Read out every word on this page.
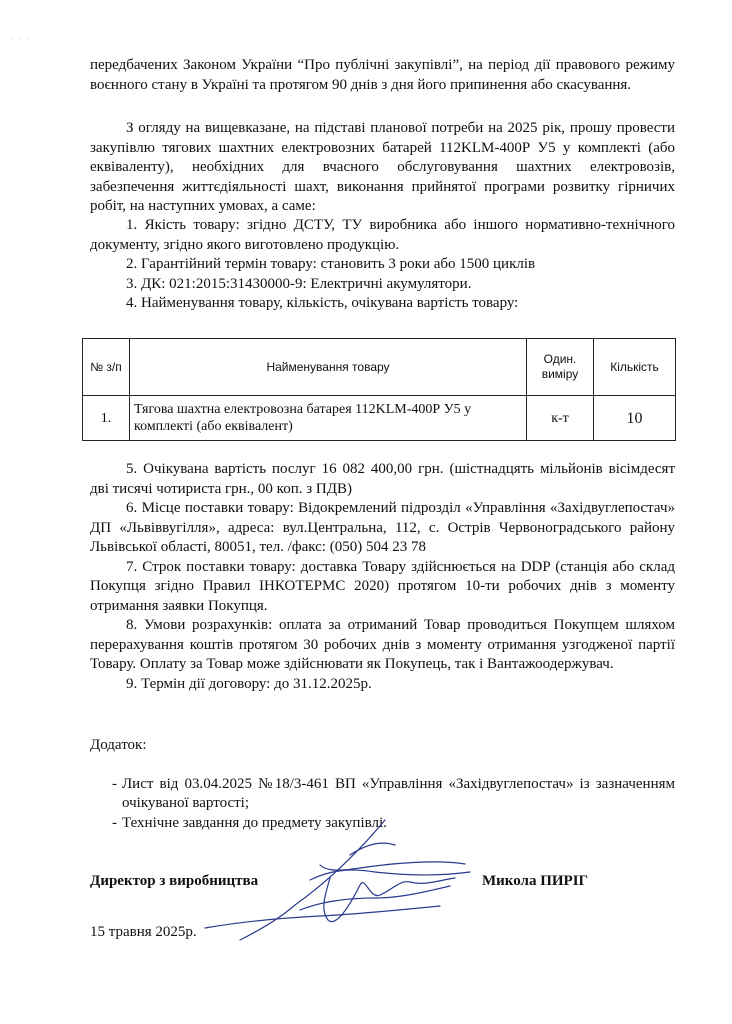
· · ·

передбачених Законом України “Про публічні закупівлі”, на період дії правового режиму воєнного стану в Україні та протягом 90 днів з дня його припинення або скасування.

З огляду на вищевказане, на підставі планової потреби на 2025 рік, прошу провести закупівлю тягових шахтних електровозних батарей 112KLM-400Р У5 у комплекті (або еквіваленту), необхідних для вчасного обслуговування шахтних електровозів, забезпечення життєдіяльності шахт, виконання прийнятої програми розвитку гірничих робіт, на наступних умовах, а саме:

1. Якість товару: згідно ДСТУ, ТУ виробника або іншого нормативно-технічного документу, згідно якого виготовлено продукцію.

2. Гарантійний термін товару: становить 3 роки або 1500 циклів

3. ДК: 021:2015:31430000-9: Електричні акумулятори.

4. Найменування товару, кількість, очікувана вартість товару:

№ з/п	Найменування товару	Один. виміру	Кількість
1.	Тягова шахтна електровозна батарея 112KLM-400Р У5 у комплекті (або еквівалент)	к-т	10

5. Очікувана вартість послуг 16 082 400,00 грн. (шістнадцять мільйонів вісімдесят дві тисячі чотириста грн., 00 коп. з ПДВ)

6. Місце поставки товару: Відокремлений підрозділ «Управління «Західвуглепостач» ДП «Львіввугілля», адреса: вул.Центральна, 112, с. Острів Червоноградського району Львівської області, 80051, тел. /факс: (050) 504 23 78

7. Строк поставки товару: доставка Товару здійснюється на DDP (станція або склад Покупця згідно Правил ІНКОТЕРМС 2020) протягом 10-ти робочих днів з моменту отримання заявки Покупця.

8. Умови розрахунків: оплата за отриманий Товар проводиться Покупцем шляхом перерахування коштів протягом 30 робочих днів з моменту отримання узгодженої партії Товару. Оплату за Товар може здійснювати як Покупець, так і Вантажоодержувач.

9. Термін дії договору: до 31.12.2025р.

Додаток:

- Лист від 03.04.2025 №18/3-461 ВП «Управління «Західвуглепостач» із зазначенням очікуваної вартості;
- Технічне завдання до предмету закупівлі.
Директор з виробництва	Микола ПИРІГ
15 травня 2025р.
